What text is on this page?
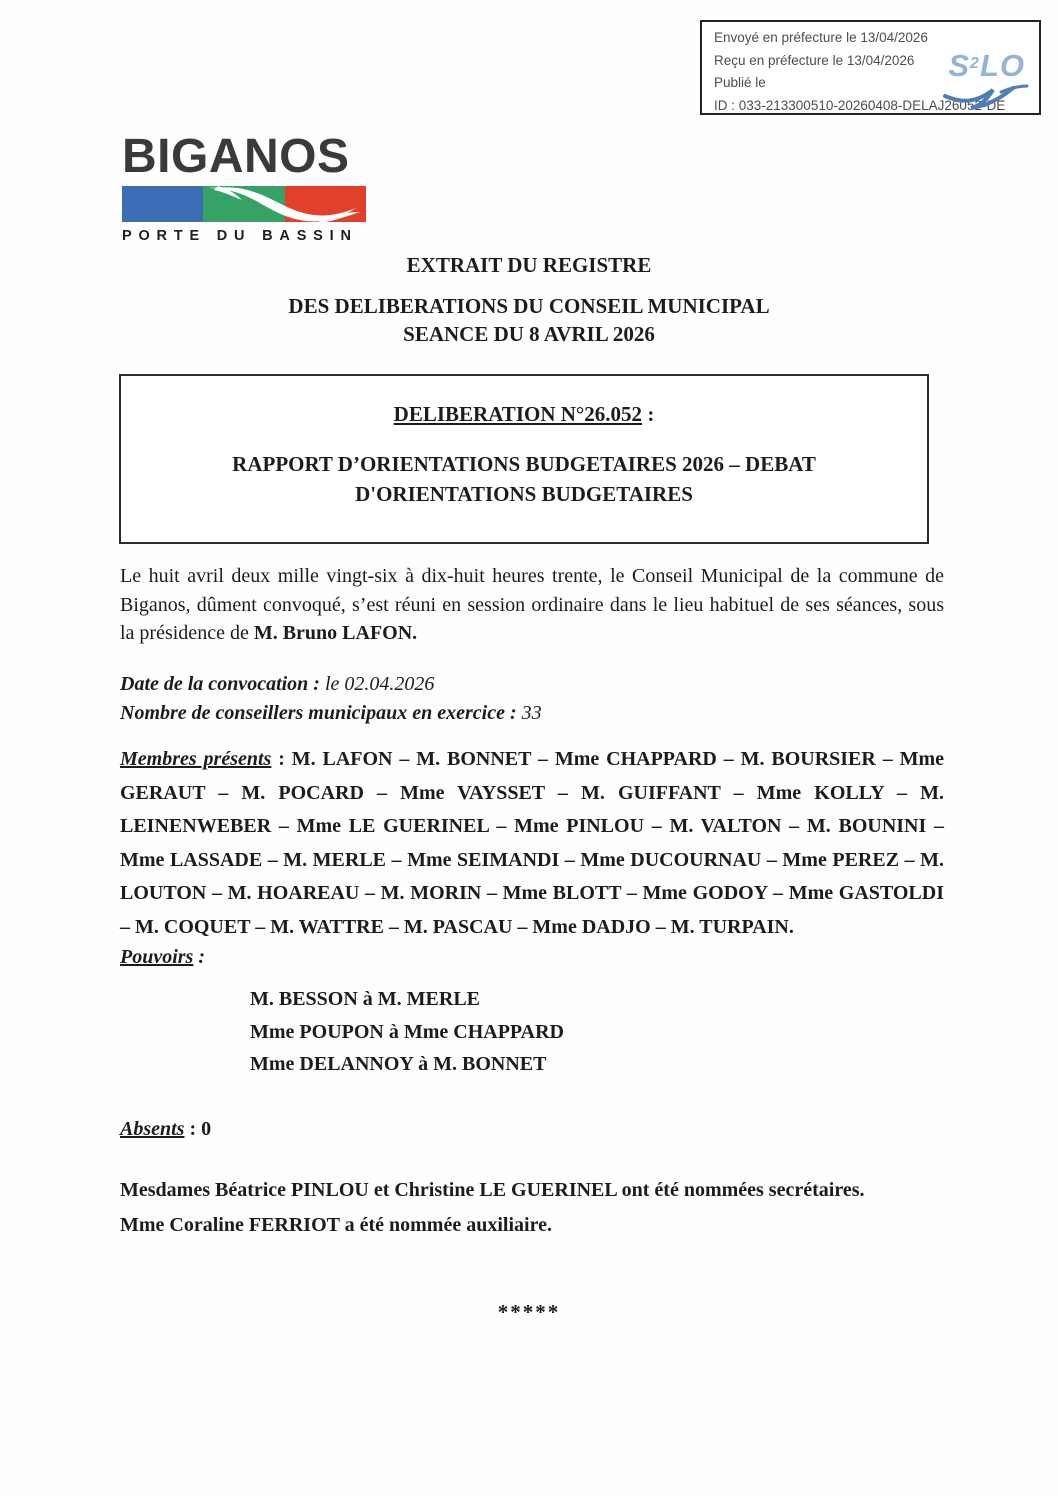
Envoyé en préfecture le 13/04/2026
Reçu en préfecture le 13/04/2026
Publié le
ID : 033-213300510-20260408-DELAJ26052-DE
$S^2LO$
BIGANOS
PORTE DU BASSIN
EXTRAIT DU REGISTRE
DES DELIBERATIONS DU CONSEIL MUNICIPAL
SEANCE DU 8 AVRIL 2026
DELIBERATION N°26.052 :
RAPPORT D’ORIENTATIONS BUDGETAIRES 2026 – DEBAT D'ORIENTATIONS BUDGETAIRES
Le huit avril deux mille vingt-six à dix-huit heures trente, le Conseil Municipal de la commune de Biganos, dûment convoqué, s’est réuni en session ordinaire dans le lieu habituel de ses séances, sous la présidence de M. Bruno LAFON.
Date de la convocation : le 02.04.2026
Nombre de conseillers municipaux en exercice : 33
Membres présents : M. LAFON – M. BONNET – Mme CHAPPARD – M. BOURSIER – Mme GERAUT – M. POCARD – Mme VAYSSET – M. GUIFFANT – Mme KOLLY – M. LEINENWEBER – Mme LE GUERINEL – Mme PINLOU – M. VALTON – M. BOUNINI – Mme LASSADE – M. MERLE – Mme SEIMANDI – Mme DUCOURNAU – Mme PEREZ – M. LOUTON – M. HOAREAU – M. MORIN – Mme BLOTT – Mme GODOY – Mme GASTOLDI – M. COQUET – M. WATTRE – M. PASCAU – Mme DADJO – M. TURPAIN.
Pouvoirs :
M. BESSON à M. MERLE
Mme POUPON à Mme CHAPPARD
Mme DELANNOY à M. BONNET
Absents : 0
Mesdames Béatrice PINLOU et Christine LE GUERINEL ont été nommées secrétaires.
Mme Coraline FERRIOT a été nommée auxiliaire.
*****
